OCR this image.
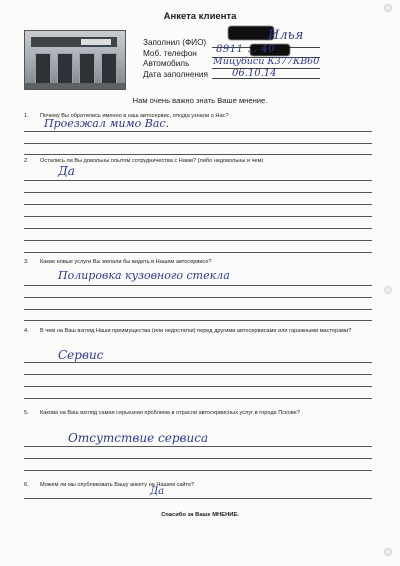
Анкета клиента
Заполнил (ФИО)
Моб. телефон
Автомобиль
Дата заполнения
Илья
8911 … 40
Мицубиси К377КВ60
06.10.14
Нам очень важно знать Ваше мнение.
1. Почему Вы обратились именно в наш автосервис, откуда узнали о Нас?
Проезжал мимо Вас.
2. Остались ли Вы довольны опытом сотрудничества с Нами? (либо недовольны и чем)
Да
3. Какие новые услуги Вы желали бы видеть в Нашем автосервисе?
Полировка кузовного стекла
4. В чем на Ваш взгляд Наши преимущества (или недостатки) перед другими автосервисами или гаражными мастерами?
Сервис
5. Какова на Ваш взгляд самая серьезная проблема в отрасли автосервисных услуг в городе Пскове?
Отсутствие сервиса
6. Можем ли мы опубликовать Вашу анкету на Нашем сайте?
Да
Спасибо за Ваше МНЕНИЕ.
